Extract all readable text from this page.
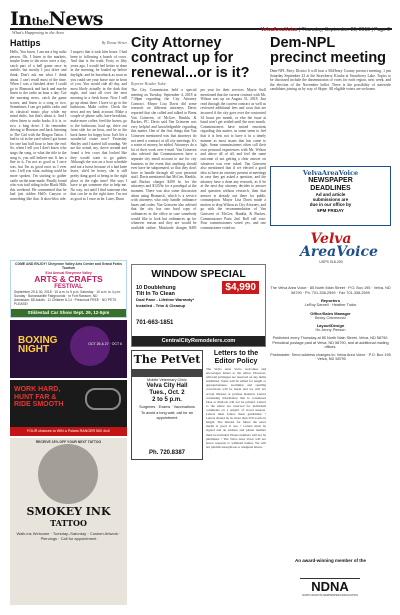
IntheNews
What's Happening in the Area	VelvaAreaVoice | Thursday, September 20, 2018 | Page 2
Hattips	By Donna Weiser
Hello, You know, I am not a big radio person. Oh, I listen to the markets, maybe listen to the news once a day, catch part of a ball game once in awhile, but mostly I just drive and think. Don't ask me what I think about. I can't recall most of the time. When I was a finished drive I could go to Bismarck and back and maybe listen to the radio an hour a day. Got the morning news, catch the game scores, and listen to a song or two. Sometimes I can get public radio and its classical music play while my mind drifts, but that's about it. And I often listen to audio books if it is, or two, a long drive. I do remember driving to Houston and back listening to The Girl with the Dragon Tattoo. I had to sit in the yard when I got home for one last half hour to hear the end. So, when I tell you I don't know who sings the song, or what the title to the song is, you will believe me. It has a line in it, I'm not as good as I once was, but I'm as good once as I ever was. I tell you what, nothing could be more spoken. I'm starting to gather cattle on the man-made. Finally found who was trail riding in the Black Hills this weekend. He commented that he had just ridden Hell's Canyon or something like that. It shoo-bloo ride. I suspect that it took him hours. I had been to following a bunch of cows. And that is the truth. Forty or fifty years ago, I would feel better at done in the morning, be loaded up before daylight, and be horseback as soon as you could see your horse cute in front of you. You would ride all day, and most likely actually in the dark that night, and start all over the next morning in a fresh horse. Now I still go up about three. I have to go to the bathroom. Make coffee. Check the news and my bank account. Make a couple of phone calls, have breakfast, make more coffee, feed the horses, go to the bathroom, load up, drive out from side for an hour, and be to the back home for happy hour. Isn't life a wonderful cruise now? Yesterday Shirley and I started fall roundup. We are the actual, my, drove around and found a few cows that looked like they would want to go gather. Although she was on a hour schedule and not a horse because of a bad knee leave, she'd be heavy, she is still pretty dang good at being in the right place at the right time! She says I have to get someone else to help me. No way, not until I find someone else that can be in the right time. I'm not as good as I once as be. Later, Dunn
COME AND ENJOY! Cheyenne Valley Arts Center and Grand Forks Tourism
51st Annual Sheyenne Valley
ARTS & CRAFTS
FESTIVAL
September 29 & 30, 2018 · 10 a.m. to 5 p.m. Saturday · 10 a.m. to 4 p.m. Sunday · Bonanzaville Fairgrounds · In Fort Ransom, ND
Admission: $5 Adults · 11 Children 6-14 · Preschool FREE · NO PETS PLEASE!
Stiklestad Car Show Sept. 29, 12-5pm
BOXING
NIGHT	OCT 26 & 27 · OCT 6
WORK HARD,
HUNT FAR &
RIDE SMOOTH
FOUR chances to WIN a Polaris RANGER 500 4x4!
RECEIVE 15% OFF YOUR NEXT TATTOO
SMOKEY INK
TATTOO
Walk-ins Welcome · Tuesday–Saturday · Custom Artwork · Piercings · Call for appointment
City Attorney contract up for renewal...or is it?
Reporter Heather Tudor
The City Commission held a special meeting on Tuesday, September 4, 2018 at 7:30pm regarding the City Attorney Contract. Mayor Lisa Davis did some research on different attorneys. Davis reported that she called and talked to Brent Van Grinsven, of McGee, Hankla, & Backes, PC. Davis said Van Grinsven was very helpful and knowledgeable regarding this matter. One of the first things that Van Grinsven mentioned was that attorneys do not need a contract at all city meetings. It's a waste of money, he added. Attorneys do a lot of their work over e-mail. Van Grinsven also advised that Commissioners have a separate city email account to use for city business in the event that anything should ever have be subpoenaed, so that they don't have to bundle through all your personal stuff. Davis mentioned that McGee, Hankla, and Backes charges $200 hr. for the attorneys and $125/hr for a paralegal at the moment. There was also some discussion about using Bismarck, which is a service with attorneys who only handle ordinance bases and codes. Van Grinsven also advised that the city has one hard copy of ordinances in the office in case somebody would like to look but ordinances up for whatever reason and they are would be available online. Municode charges $495 per year for their services. Mayor Stoll mentioned that the current contract with Mr. Wilson was up on August 31, 2018. Just read through the current contract as well as reviewed additional fees and costs that are incurred if the city goes over the contracted 34 hours per month, or else the issue at hand won't get settled until the next month. Commissioners have mixed emotions regarding this matter, as some seem to feel that it is best not to have it in a timely manner as most issues that has come to light. Some commissioners often call their own personal experiences with Mr. Wilson and above all of all, and feel the same outcome of not getting a clear answer on whatever was ever asked. Van Grinsven also mentioned that if we elected a good idea to have an attorney present at meetings in case they get asked a question, and the attorney have a done any research, as if he at the next day attorney decides to answer and question without research, then that answer is already out there for public consumption. Mayor Lisa Davis made a motion to drop Wilson as City Attorney, and go with the recommendation of Van Grinsven of McGee, Hankla, & Backes. Commissioner Patio 2nd. Roll call vote: Four commissioners voted yes, and one commissioner voted no.
WINDOW SPECIAL
10 Doublehung
Tilt In To Clean
Dual Pane - Lifetime Warranty*
Installed - Trim & Cleanup
$4,990
701-663-1851
CentralCityRemodelers.com
The PetVet
Mobile Veterinary Clinic
Velva City Hall
Tues., Oct. 2
2 to 5 p.m.
Surgeries · Exams · Vaccinations
To avoid a long wait, call for an appointment
Ph. 720.8387
Letters to the Editor Policy
The Velva Area Voice welcomes and encourages letters to the editor. However, editorial privileges are reserved on any items submitted. Some will be edited for length or appropriateness. Grammar and spelling corrections will be made and we will not accept libelous or profane material. Letters containing information that is considered false or libelous will not be printed. Letters to the editor are reserved for individual comments on a subject of broad interest. Letters must follow these guidelines: • Letters should be no more than 250 words in length. The interest for future the news media is good to see. • Letters must be signed and an address and phone number must be included. Phone numbers will not be published. • The Velva Area Voice will not honor requests to withhold names. We will not publish anonymous or unsigned letters.
Dem-NPL precinct meeting
Dem-NPL Party District 6 will host a McHenry County precinct meeting, 1 pm Saturday September 22 at the Strawberry Kioske at Strawberry Lake. Topics to be discussed include the dissemination of votes for each region, next week, and the election of the November ballot. There is the possibility of statewide candidates joining us by way of Skype. All eligible voters are welcome.
VelvaAreaVoice
NEWSPAPER
DEADLINES
Ad and article
submissions are
due in our office by
5PM FRIDAY
Velva
AreaVoice
USPS 018-290
The Velva Area Voice · 85 North Main Street · P.O. Box 195 · Velva, ND 58790 · Ph. 701-338-2599 · Fax 701-338-2599
Reporters
LeRoy Darnell · Heather Tudor
Office/Sales Manager
Becky Cirkvenovic
Layout/Design
Ho Jenny Pierson
Published every Thursday at 85 North Main Street, Velva, ND 58790. Periodical postage paid at Velva, ND 58790, and at additional mailing offices.
Postmaster: Send address changes to: Velva Area Voice · P.O. Box 195 · Velva, ND 58790
An award-winning member of the
NDNA
NORTH DAKOTA NEWSPAPER ASSOCIATION
